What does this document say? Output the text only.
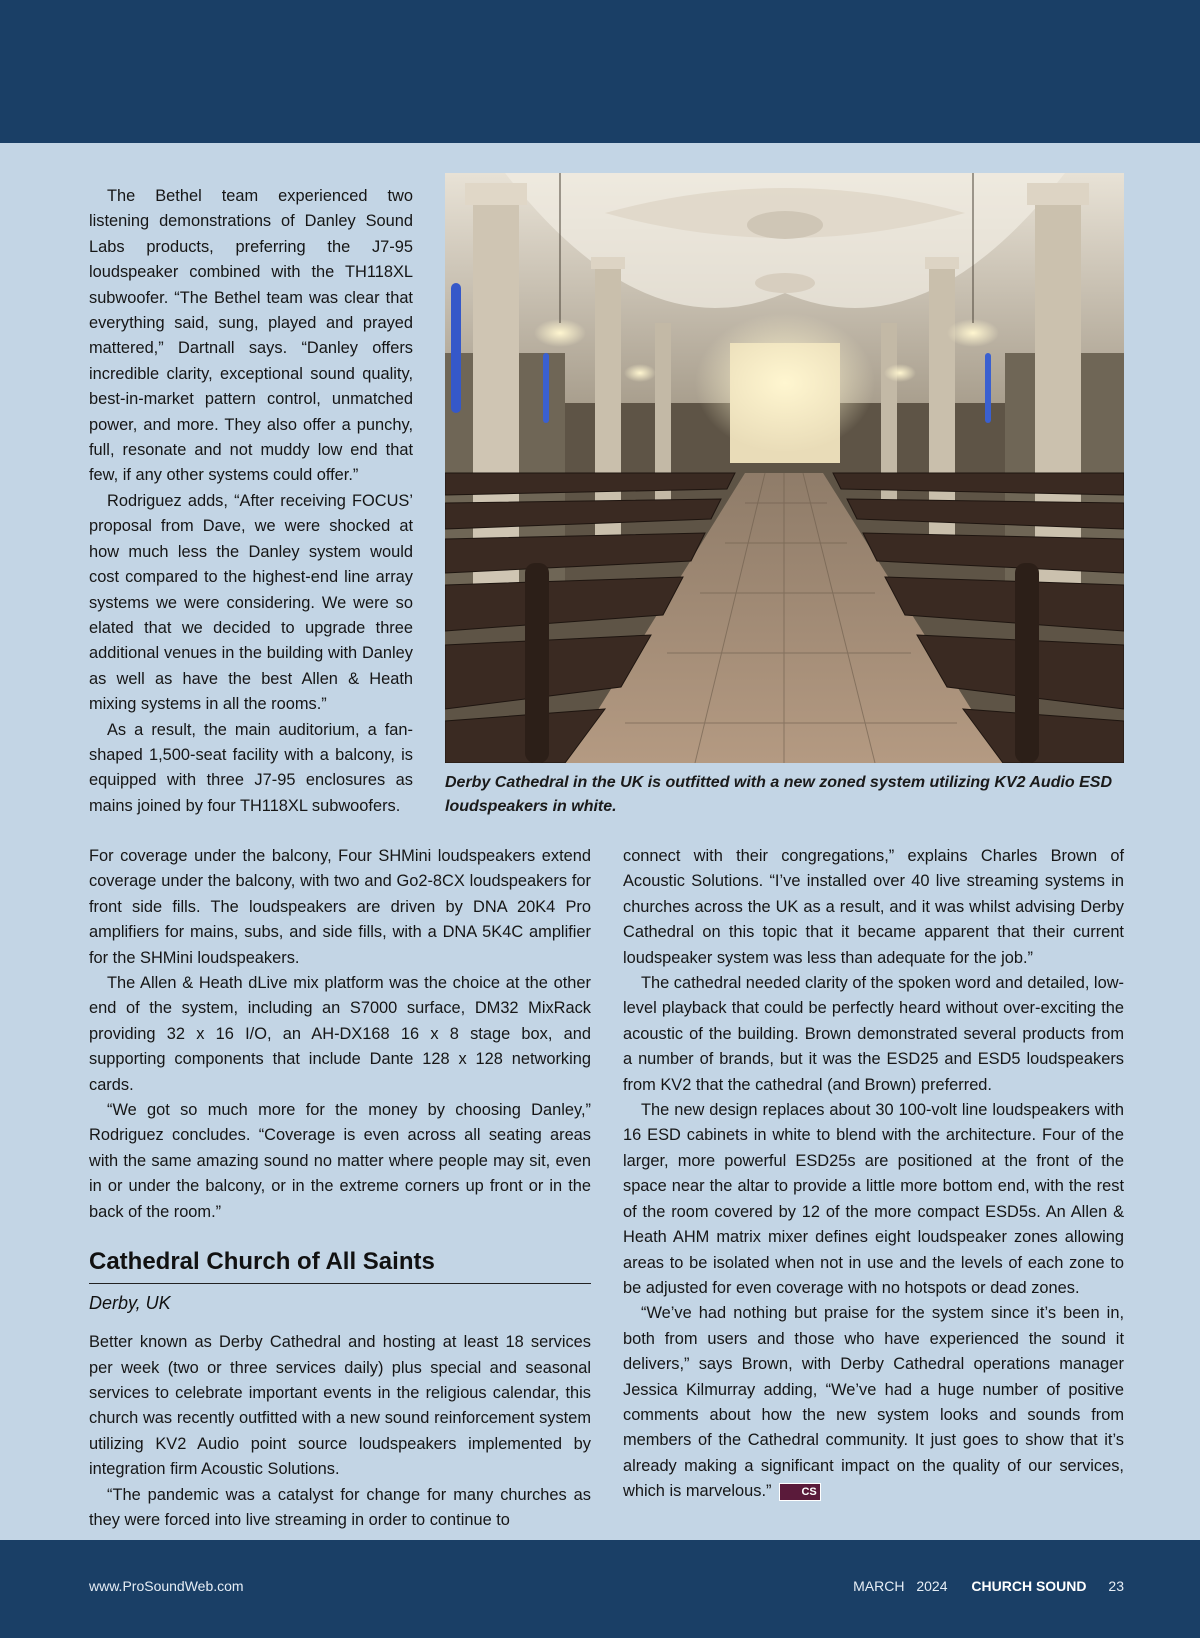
The Bethel team experienced two listening demonstrations of Danley Sound Labs products, preferring the J7-95 loudspeaker combined with the TH118XL subwoofer. “The Bethel team was clear that everything said, sung, played and prayed mattered,” Dartnall says. “Danley offers incredible clarity, exceptional sound quality, best-in-market pattern control, unmatched power, and more. They also offer a punchy, full, resonate and not muddy low end that few, if any other systems could offer.”

Rodriguez adds, “After receiving FOCUS’ proposal from Dave, we were shocked at how much less the Danley system would cost compared to the highest-end line array systems we were considering. We were so elated that we decided to upgrade three additional venues in the building with Danley as well as have the best Allen & Heath mixing systems in all the rooms.”

As a result, the main auditorium, a fan-shaped 1,500-seat facility with a balcony, is equipped with three J7-95 enclosures as mains joined by four TH118XL subwoofers.

Derby Cathedral in the UK is outfitted with a new zoned system utilizing KV2 Audio ESD loudspeakers in white.

For coverage under the balcony, Four SHMini loudspeakers extend coverage under the balcony, with two and Go2-8CX loudspeakers for front side fills. The loudspeakers are driven by DNA 20K4 Pro amplifiers for mains, subs, and side fills, with a DNA 5K4C amplifier for the SHMini loudspeakers.

The Allen & Heath dLive mix platform was the choice at the other end of the system, including an S7000 surface, DM32 MixRack providing 32 x 16 I/O, an AH-DX168 16 x 8 stage box, and supporting components that include Dante 128 x 128 networking cards.

“We got so much more for the money by choosing Danley,” Rodriguez concludes. “Coverage is even across all seating areas with the same amazing sound no matter where people may sit, even in or under the balcony, or in the extreme corners up front or in the back of the room.”

Cathedral Church of All Saints
Derby, UK

Better known as Derby Cathedral and hosting at least 18 services per week (two or three services daily) plus special and seasonal services to celebrate important events in the religious calendar, this church was recently outfitted with a new sound reinforcement system utilizing KV2 Audio point source loudspeakers implemented by integration firm Acoustic Solutions.

“The pandemic was a catalyst for change for many churches as they were forced into live streaming in order to continue to

connect with their congregations,” explains Charles Brown of Acoustic Solutions. “I’ve installed over 40 live streaming systems in churches across the UK as a result, and it was whilst advising Derby Cathedral on this topic that it became apparent that their current loudspeaker system was less than adequate for the job.”

The cathedral needed clarity of the spoken word and detailed, low-level playback that could be perfectly heard without over-exciting the acoustic of the building. Brown demonstrated several products from a number of brands, but it was the ESD25 and ESD5 loudspeakers from KV2 that the cathedral (and Brown) preferred.

The new design replaces about 30 100-volt line loudspeakers with 16 ESD cabinets in white to blend with the architecture. Four of the larger, more powerful ESD25s are positioned at the front of the space near the altar to provide a little more bottom end, with the rest of the room covered by 12 of the more compact ESD5s. An Allen & Heath AHM matrix mixer defines eight loudspeaker zones allowing areas to be isolated when not in use and the levels of each zone to be adjusted for even coverage with no hotspots or dead zones.

“We’ve had nothing but praise for the system since it’s been in, both from users and those who have experienced the sound it delivers,” says Brown, with Derby Cathedral operations manager Jessica Kilmurray adding, “We’ve had a huge number of positive comments about how the new system looks and sounds from members of the Cathedral community. It just goes to show that it’s already making a significant impact on the quality of our services, which is marvelous.”	CS

www.ProSoundWeb.com	MARCH 2024 CHURCH SOUND 23
